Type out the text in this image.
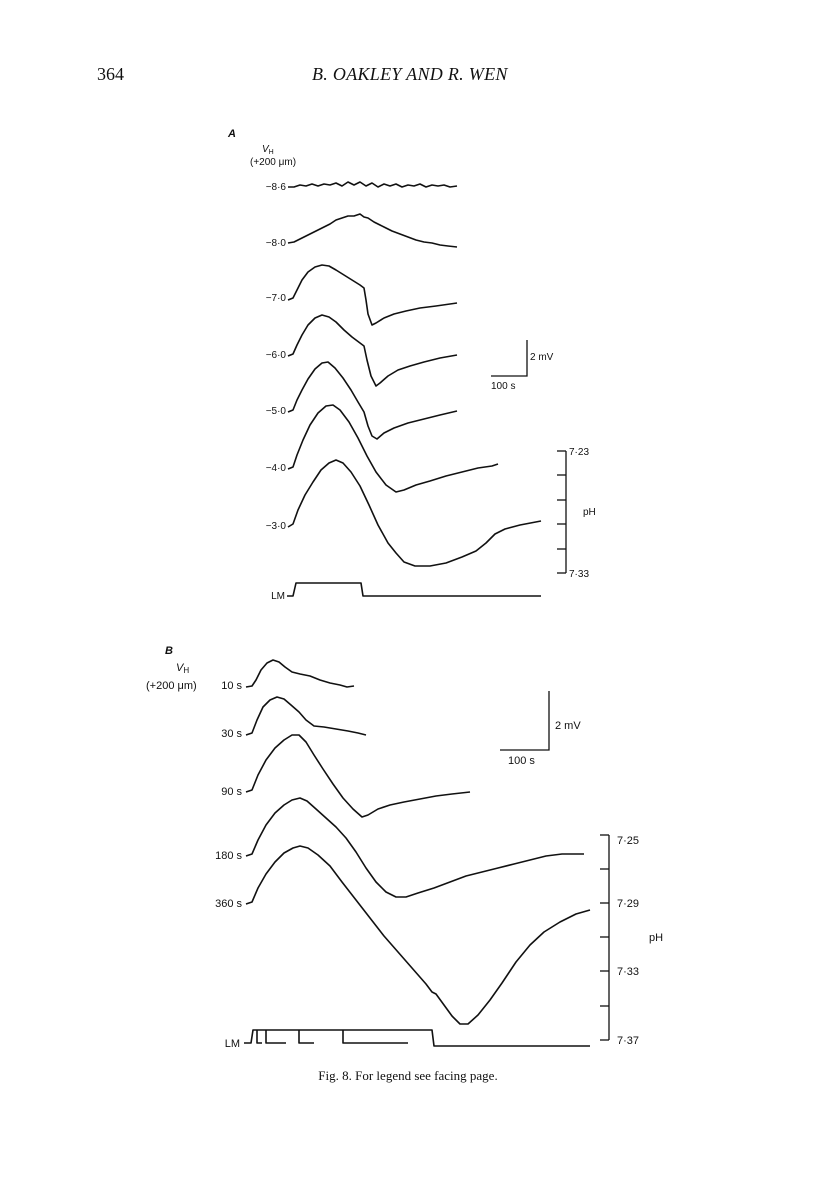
364	B. OAKLEY AND R. WEN
A
$V_H$
(+200 μm)
−8·6
−8·0
−7·0
−6·0
−5·0
−4·0
−3·0
2 mV
100 s
7·23
7·33
pH
LM
B
VH
(+200 μm) 10 s
30 s
90 s
180 s
360 s
2 mV
100 s
7·25
7·29
7·33
7·37
pH
LM
Fig. 8. For legend see facing page.
